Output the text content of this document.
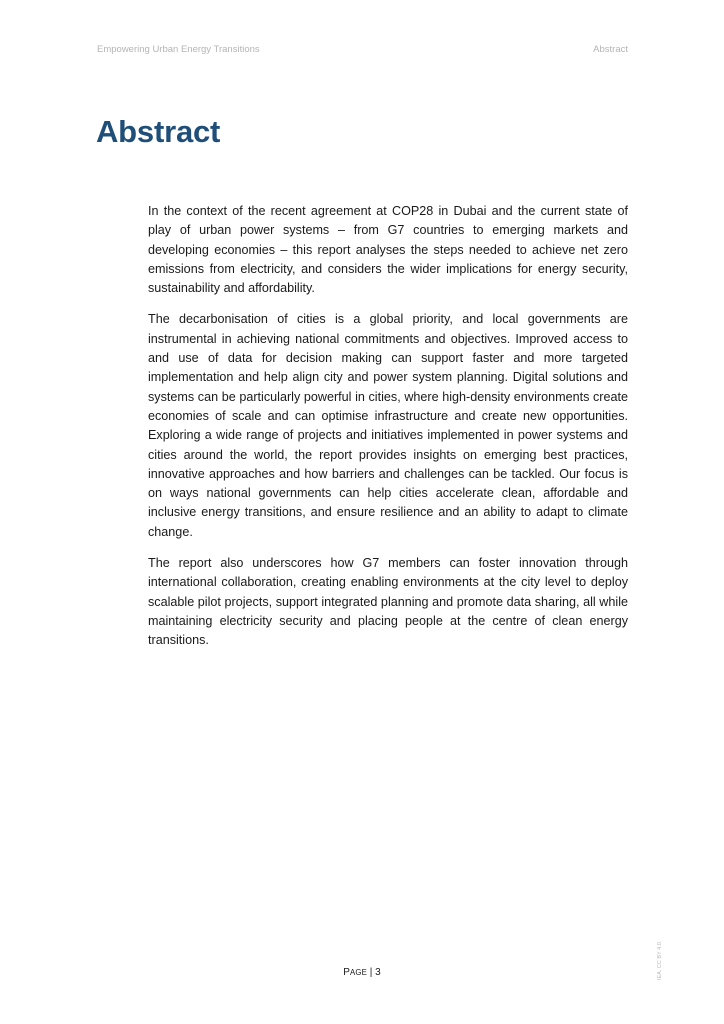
Empowering Urban Energy Transitions	Abstract
Abstract

In the context of the recent agreement at COP28 in Dubai and the current state of play of urban power systems – from G7 countries to emerging markets and developing economies – this report analyses the steps needed to achieve net zero emissions from electricity, and considers the wider implications for energy security, sustainability and affordability.

The decarbonisation of cities is a global priority, and local governments are instrumental in achieving national commitments and objectives. Improved access to and use of data for decision making can support faster and more targeted implementation and help align city and power system planning. Digital solutions and systems can be particularly powerful in cities, where high-density environments create economies of scale and can optimise infrastructure and create new opportunities. Exploring a wide range of projects and initiatives implemented in power systems and cities around the world, the report provides insights on emerging best practices, innovative approaches and how barriers and challenges can be tackled. Our focus is on ways national governments can help cities accelerate clean, affordable and inclusive energy transitions, and ensure resilience and an ability to adapt to climate change.

The report also underscores how G7 members can foster innovation through international collaboration, creating enabling environments at the city level to deploy scalable pilot projects, support integrated planning and promote data sharing, all while maintaining electricity security and placing people at the centre of clean energy transitions.

PAGE | 3	IEA. CC BY 4.0.
